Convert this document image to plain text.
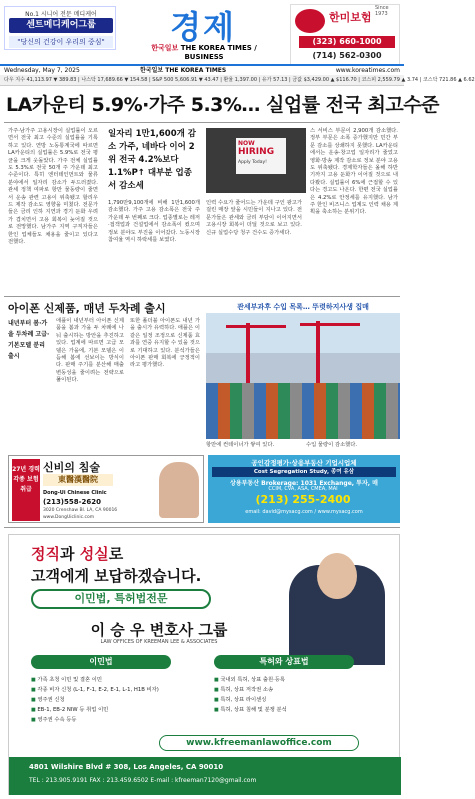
No.1 시니어 전문 메디케어
센트메디케어그룹
"당신의 건강이 우리의 중심"	경제
한국일보 THE KOREA TIMES / BUSINESS
한미보험
Since 1973
(323) 660-1000
(714) 562-0300
Wednesday, May 7, 2025	한국일보 THE KOREA TIMES	www.koreatimes.com
다우 지수 41,113.97 ▼ 389.83 | 나스닥 17,689.66 ▼ 154.58 | S&P 500 5,606.91 ▼ 43.47 | 환율 1,397.00 | 유가 57.13 | 금값 $3,429.00 ▲ $116.70 | 코스피 2,559.79 ▲ 3.74 | 코스닥 721.86 ▲ 6.62
LA카운티 5.9%·가주 5.3%… 실업률 전국 최고수준
가주·남가주 고용시장이 실업률이 오르면서 전국 최고 수준의 실업률을 기록하고 있다. 연방 노동통계국에 따르면 LA카운티의 실업률은 5.9%로 전국 평균을 크게 웃돌았다. 가주 전체 실업률도 5.3%로 전국 50개 주 가운데 최고 수준이다. 특히 엔터테인먼트와 물류 분야에서 일자리 감소가 두드러졌다. 관세 정책 여파로 항만 물동량이 줄면서 운송 관련 고용이 위축됐고 할리우드 제작 감소도 영향을 미쳤다. 전문가들은 금리 인하 지연과 경기 둔화 우려가 겹치면서 고용 회복이 늦어질 것으로 전망했다. 남가주 지역 구직자들은 한인 업체들도 채용을 줄이고 있다고 전했다.
일자리 1만1,600개 감소 가주, 네바다 이어 2위 전국 4.2%보다 1.1%P↑ 대부분 업종서 감소세
1,790만9,100개에 비해 1만1,600개 감소했다. 가주 고용 감소폭은 전국 주 가운데 두 번째로 크다. 업종별로는 레저·접객업과 건설업에서 감소폭이 컸으며 정보 분야도 부진을 이어갔다. 노동시장 참여율 역시 하락세를 보였다.
NOW
HIRING
Apply Today!
인력 수요가 줄어드는 가운데 구인 광고가 걸린 매장 앞을 시민들이 지나고 있다. 전문가들은 관세와 금리 부담이 이어지면서 고용시장 회복이 더딜 것으로 보고 있다. 신규 실업수당 청구 건수도 증가세다.
스 서비스 부문이 2,900개 감소했다. 정부 부문은 소폭 증가했지만 민간 부문 감소를 상쇄하지 못했다. LA카운티에서는 운송·창고업 일자리가 줄었고 영화·방송 제작 감소로 정보 분야 고용도 위축됐다. 경제학자들은 올해 하반기까지 고용 둔화가 이어질 것으로 내다봤다. 실업률이 6%에 근접할 수 있다는 경고도 나온다. 한편 전국 실업률은 4.2%로 안정세를 유지했다. 남가주 한인 비즈니스 업계도 인력 채용 계획을 축소하는 분위기다.
아이폰 신제품, 매년 두차례 출시
내년부터 봄·가을 두차례 고급·기본모델 분리 출시
애플이 내년부터 아이폰 신제품을 봄과 가을 두 차례에 나눠 출시하는 방안을 추진하고 있다. 업계에 따르면 고급 모델은 가을에, 기본 모델은 이듬해 봄에 선보이는 방식이다. 판매 주기를 분산해 매출 변동성을 줄이려는 전략으로 풀이된다.
또한 폴더블 아이폰도 내년 가을 출시가 유력하다. 애플은 이 같은 일정 조정으로 신제품 효과를 연중 유지할 수 있을 것으로 기대하고 있다. 분석가들은 아이폰 판매 회복에 긍정적이라고 평가했다.
관세부과후 수입 목록… 뚜렷하지사생 집매
항만에 컨테이너가 쌓여 있다.	수입 물량이 감소했다.
27년 경력 각종 보험 취급
신비의 침술
東醫漢醫院
Dong-Ui Chinese Clinic
(213)558-2620
3020 Crenshaw Bl. LA, CA 90016
www.DongUiclinic.com
공인감정평가·상용부동산 기업시업체
Cost Segregation Study, 종여 유삼
상용부동산 Brokerage: 1031 Exchange, 투자, 매
CCIM, CVA, ASA, CMEA, MAI
(213) 255-2400
email: david@mysacg.com / www.mysacg.com
정직과 성실로
고객에게 보답하겠습니다.
이민법, 특허법전문
이 승 우 변호사 그룹
LAW OFFICES OF KREEMAN LEE & ASSOCIATES
이민법	특허와 상표법
■ 가족 초청 이민 및 결혼 이민
■ 각종 비자 신청 (L-1, F-1, E-2, E-1, L-1, H1B 비자)
■ 영주권 신청
■ EB-1, EB-2 NIW 등 취업 이민
■ 영주권 수속 등등
■ 국내외 특허, 상표 출원·등록
■ 특허, 상표 저작권 소송
■ 특허, 상표 라이센싱
■ 특허, 상표 침해 및 분쟁 분석
www.kfreemanlawoffice.com
4801 Wilshire Blvd # 308, Los Angeles, CA 90010
TEL : 213.905.9191 FAX : 213.459.6502 E-mail : kfreeman7120@gmail.com
